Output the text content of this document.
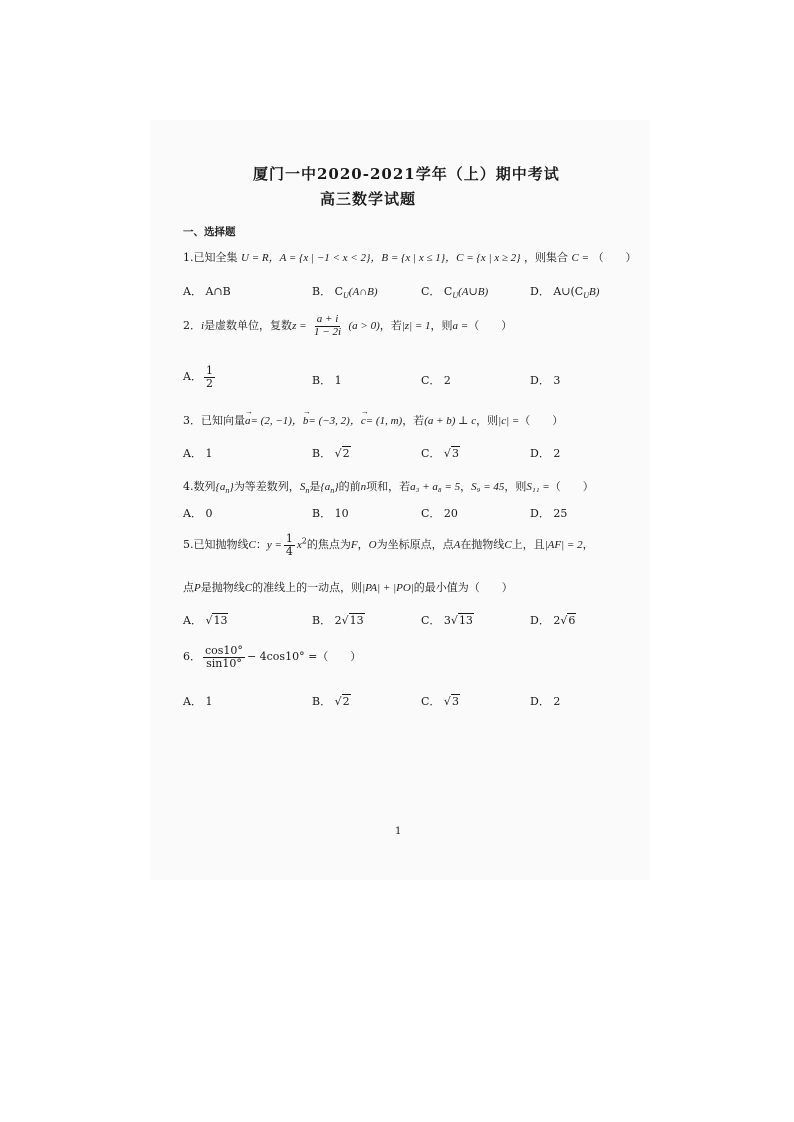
厦门一中2020-2021学年（上）期中考试
高三数学试题
一、选择题
1.已知全集 U = R，A = {x | −1 < x < 2}，B = {x | x ≤ 1}，C = {x | x ≥ 2} ，则集合 C = （　　）
A． A∩B	B． $C_U(A\cap B)$	C． $C_U(A\cup B)$	D． $A\cup(C_UB)$
2．i是虚数单位，复数$z = \frac{a + i}{1 - 2i} (a > 0)$，若|z| = 1，则a =（　　）
A． $\frac{1}{2}$	B． 1	C． 2	D． 3
3．已知向量→ a= (2, −1)，→ b= (−3, 2)，→ c= (1, m)，若(a + b) ⊥ c，则|c| =（　　）
A． 1	B． √2	C． √3	D． 2
4.数列$\{a_n\}$为等差数列，$S_n$是$\{a_n\}$的前n项和，若a₃ + a₈ = 5，S₉ = 45，则S₁₁ =（　　）
A． 0	B． 10	C． 20	D． 25
5.已知抛物线C：$y = \frac{1}{4} x^2$的焦点为F，O为坐标原点，点A在抛物线C上，且|AF| = 2，
点P是抛物线C的准线上的一动点，则|PA| + |PO|的最小值为（　　）
A． √13	B． 2√13	C． 3√13	D． 2√6
6． $\frac{\cos 10^\circ}{\sin 10^\circ} - 4\cos 10^\circ$ =（　　）
A． 1	B． √2	C． √3	D． 2
1
